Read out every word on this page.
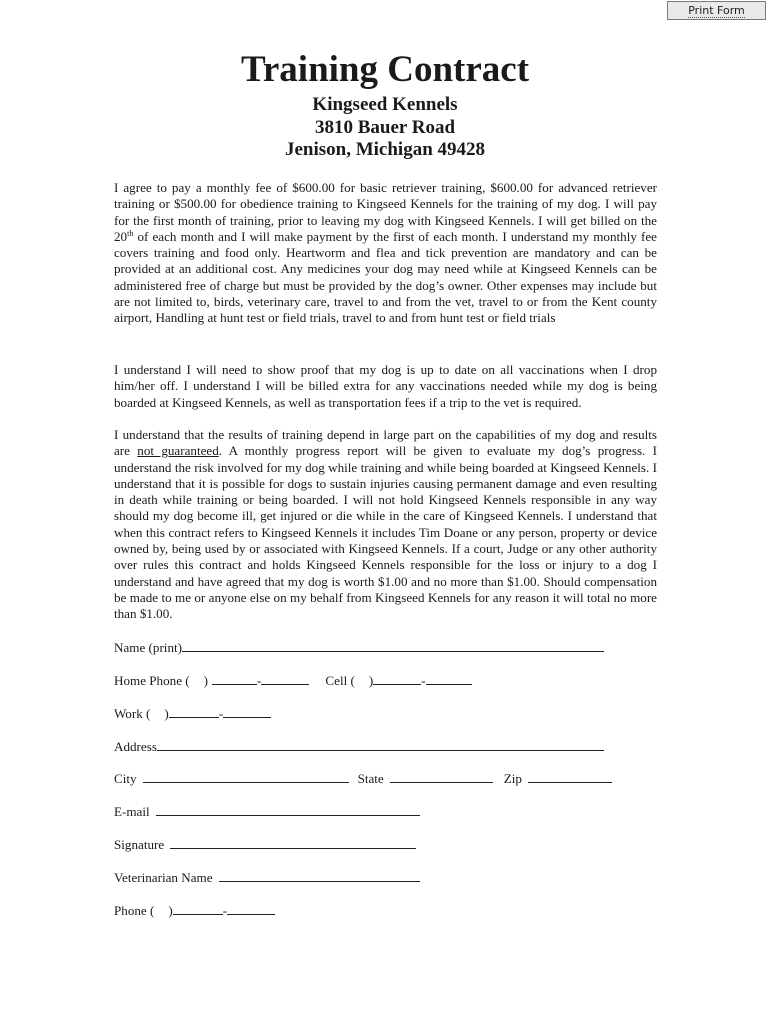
Print Form
Training Contract
Kingseed Kennels
3810 Bauer Road
Jenison, Michigan 49428

I agree to pay a monthly fee of $600.00 for basic retriever training, $600.00 for advanced retriever training or $500.00 for obedience training to Kingseed Kennels for the training of my dog. I will pay for the first month of training, prior to leaving my dog with Kingseed Kennels. I will get billed on the 20th of each month and I will make payment by the first of each month. I understand my monthly fee covers training and food only. Heartworm and flea and tick prevention are mandatory and can be provided at an additional cost. Any medicines your dog may need while at Kingseed Kennels can be administered free of charge but must be provided by the dog’s owner. Other expenses may include but are not limited to, birds, veterinary care, travel to and from the vet, travel to or from the Kent county airport, Handling at hunt test or field trials, travel to and from hunt test or field trials

I understand I will need to show proof that my dog is up to date on all vaccinations when I drop him/her off. I understand I will be billed extra for any vaccinations needed while my dog is being boarded at Kingseed Kennels, as well as transportation fees if a trip to the vet is required.

I understand that the results of training depend in large part on the capabilities of my dog and results are not guaranteed. A monthly progress report will be given to evaluate my dog’s progress. I understand the risk involved for my dog while training and while being boarded at Kingseed Kennels. I understand that it is possible for dogs to sustain injuries causing permanent damage and even resulting in death while training or being boarded. I will not hold Kingseed Kennels responsible in any way should my dog become ill, get injured or die while in the care of Kingseed Kennels. I understand that when this contract refers to Kingseed Kennels it includes Tim Doane or any person, property or device owned by, being used by or associated with Kingseed Kennels. If a court, Judge or any other authority over rules this contract and holds Kingseed Kennels responsible for the loss or injury to a dog I understand and have agreed that my dog is worth $1.00 and no more than $1.00. Should compensation be made to me or anyone else on my behalf from Kingseed Kennels for any reason it will total no more than $1.00.

Name (print)
Home Phone ( )	-	Cell ( )	-
Work ( )	-
Address
City	State	Zip
E-mail
Signature
Veterinarian Name
Phone ( )	-
